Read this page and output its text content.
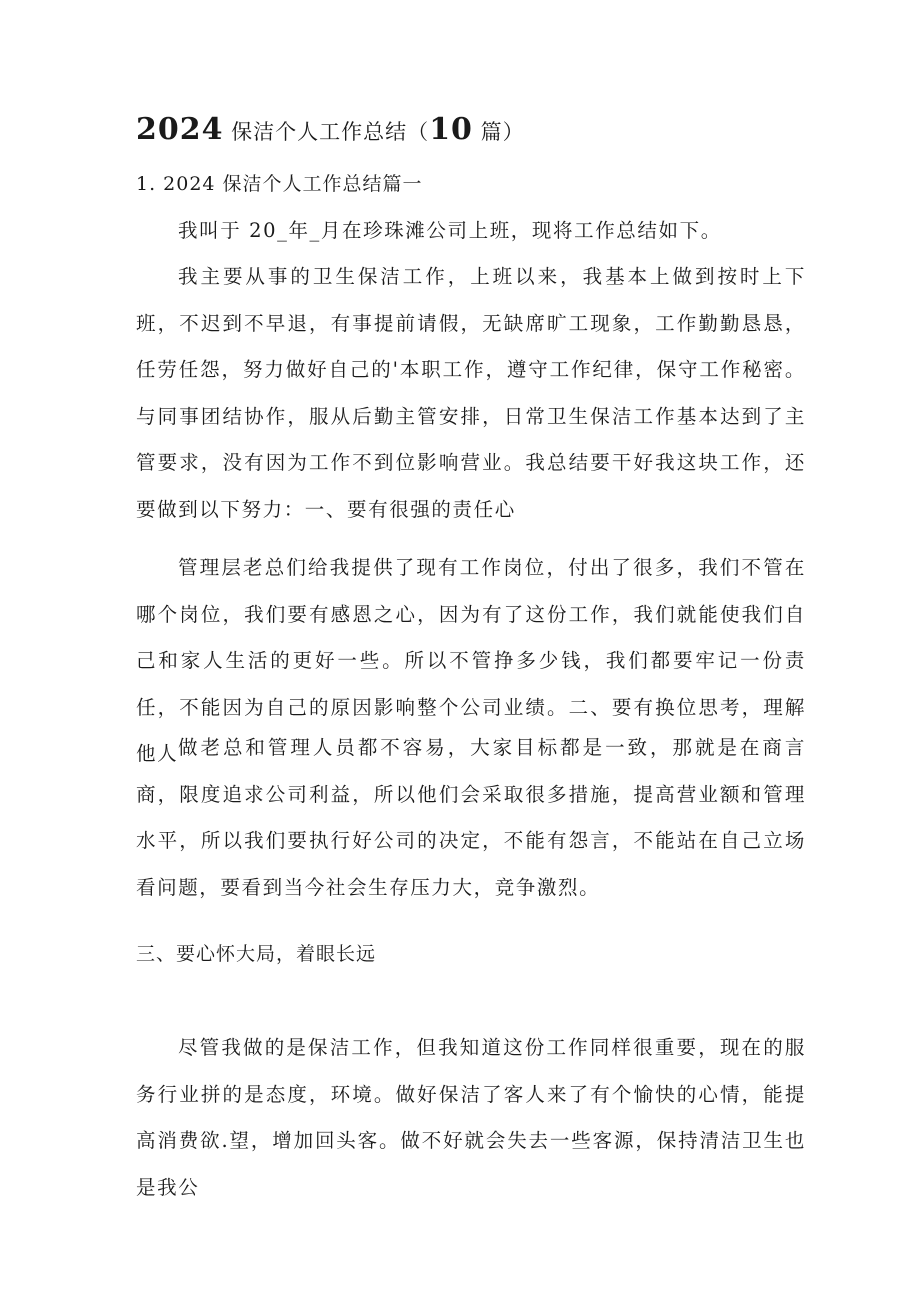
2024 保洁个人工作总结（10 篇）
1. 2024 保洁个人工作总结篇一

我叫于 20_年_月在珍珠滩公司上班，现将工作总结如下。

我主要从事的卫生保洁工作，上班以来，我基本上做到按时上下班，不迟到不早退，有事提前请假，无缺席旷工现象，工作勤勤恳恳，任劳任怨，努力做好自己的'本职工作，遵守工作纪律，保守工作秘密。与同事团结协作，服从后勤主管安排，日常卫生保洁工作基本达到了主管要求，没有因为工作不到位影响营业。我总结要干好我这块工作，还要做到以下努力：一、要有很强的责任心

管理层老总们给我提供了现有工作岗位，付出了很多，我们不管在哪个岗位，我们要有感恩之心，因为有了这份工作，我们就能使我们自己和家人生活的更好一些。所以不管挣多少钱，我们都要牢记一份责任，不能因为自己的原因影响整个公司业绩。二、要有换位思考，理解他人 做老总和管理人员都不容易，大家目标都是一致，那就是在商言商，限度追求公司利益，所以他们会采取很多措施，提高营业额和管理水平，所以我们要执行好公司的决定，不能有怨言，不能站在自己立场看问题，要看到当今社会生存压力大，竞争激烈。

三、要心怀大局，着眼长远

尽管我做的是保洁工作，但我知道这份工作同样很重要，现在的服务行业拼的是态度，环境。做好保洁了客人来了有个愉快的心情，能提高消费欲.望，增加回头客。做不好就会失去一些客源，保持清洁卫生也是我公
